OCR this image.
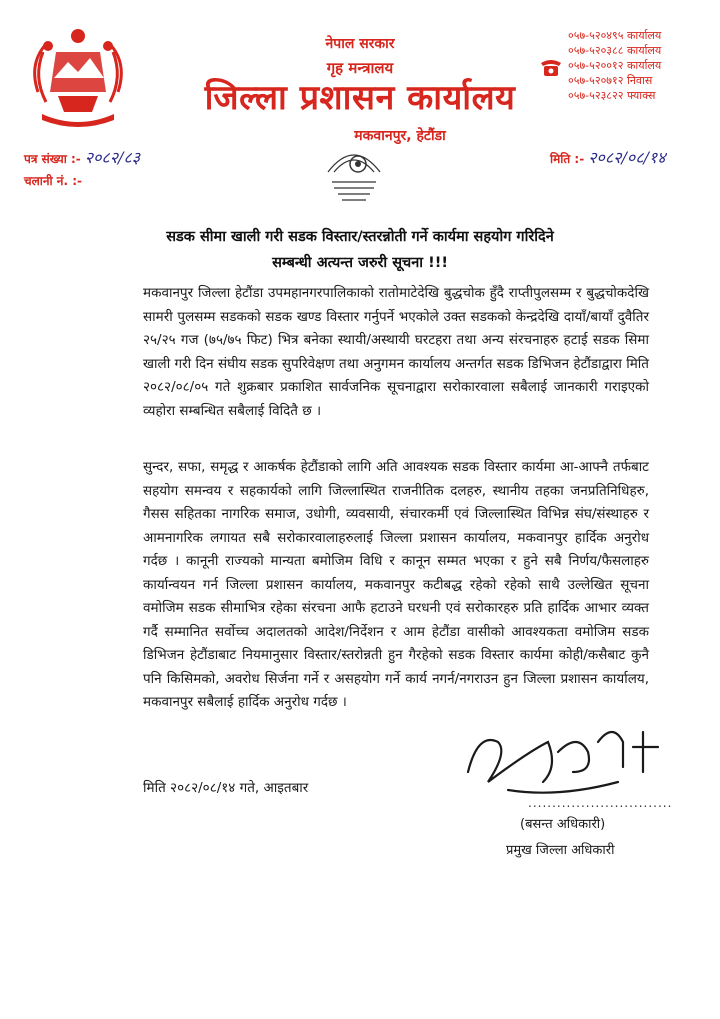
नेपाल सरकार
गृह मन्त्रालय
जिल्ला प्रशासन कार्यालय
मकवानपुर, हेटौंडा
०५७-५२०४९५ कार्यालय
०५७-५२०३८८ कार्यालय
०५७-५२००१२ कार्यालय
०५७-५२०७१२ निवास
०५७-५२३८२२ फ्याक्स
पत्र संख्या :- २०८२/८३
चलानी नं. :-
मिति :- २०८२/०८/१४
सडक सीमा खाली गरी सडक विस्तार/स्तरन्नोती गर्ने कार्यमा सहयोग गरिदिने
सम्बन्धी अत्यन्त जरुरी सूचना !!!
मकवानपुर जिल्ला हेटौंडा उपमहानगरपालिकाको रातोमाटेदेखि बुद्धचोक हुँदै राप्तीपुलसम्म र बुद्धचोकदेखि सामरी पुलसम्म सडकको सडक खण्ड विस्तार गर्नुपर्ने भएकोले उक्त सडकको केन्द्रदेखि दायाँ/बायाँ दुवैतिर २५/२५ गज (७५/७५ फिट) भित्र बनेका स्थायी/अस्थायी घरटहरा तथा अन्य संरचनाहरु हटाई सडक सिमा खाली गरी दिन संघीय सडक सुपरिवेक्षण तथा अनुगमन कार्यालय अन्तर्गत सडक डिभिजन हेटौंडाद्वारा मिति २०८२/०८/०५ गते शुक्रबार प्रकाशित सार्वजनिक सूचनाद्वारा सरोकारवाला सबैलाई जानकारी गराइएको व्यहोरा सम्बन्धित सबैलाई विदितै छ ।
सुन्दर, सफा, समृद्ध र आकर्षक हेटौंडाको लागि अति आवश्यक सडक विस्तार कार्यमा आ-आफ्नै तर्फबाट सहयोग समन्वय र सहकार्यको लागि जिल्लास्थित राजनीतिक दलहरु, स्थानीय तहका जनप्रतिनिधिहरु, गैसस सहितका नागरिक समाज, उधोगी, व्यवसायी, संचारकर्मी एवं जिल्लास्थित विभिन्न संघ/संस्थाहरु र आमनागरिक लगायत सबै सरोकारवालाहरुलाई जिल्ला प्रशासन कार्यालय, मकवानपुर हार्दिक अनुरोध गर्दछ । कानूनी राज्यको मान्यता बमोजिम विधि र कानून सम्मत भएका र हुने सबै निर्णय/फैसलाहरु कार्यान्वयन गर्न जिल्ला प्रशासन कार्यालय, मकवानपुर कटीबद्ध रहेको रहेको साथै उल्लेखित सूचना वमोजिम सडक सीमाभित्र रहेका संरचना आफै हटाउने घरधनी एवं सरोकारहरु प्रति हार्दिक आभार व्यक्त गर्दै सम्मानित सर्वोच्च अदालतको आदेश/निर्देशन र आम हेटौंडा वासीको आवश्यकता वमोजिम सडक डिभिजन हेटौंडाबाट नियमानुसार विस्तार/स्तरोन्नती हुन गैरहेको सडक विस्तार कार्यमा कोही/कसैबाट कुनै पनि किसिमको, अवरोध सिर्जना गर्ने र असहयोग गर्ने कार्य नगर्न/नगराउन हुन जिल्ला प्रशासन कार्यालय, मकवानपुर सबैलाई हार्दिक अनुरोध गर्दछ ।
मिति २०८२/०८/१४ गते, आइतबार
..............................
(बसन्त अधिकारी)
प्रमुख जिल्ला अधिकारी
